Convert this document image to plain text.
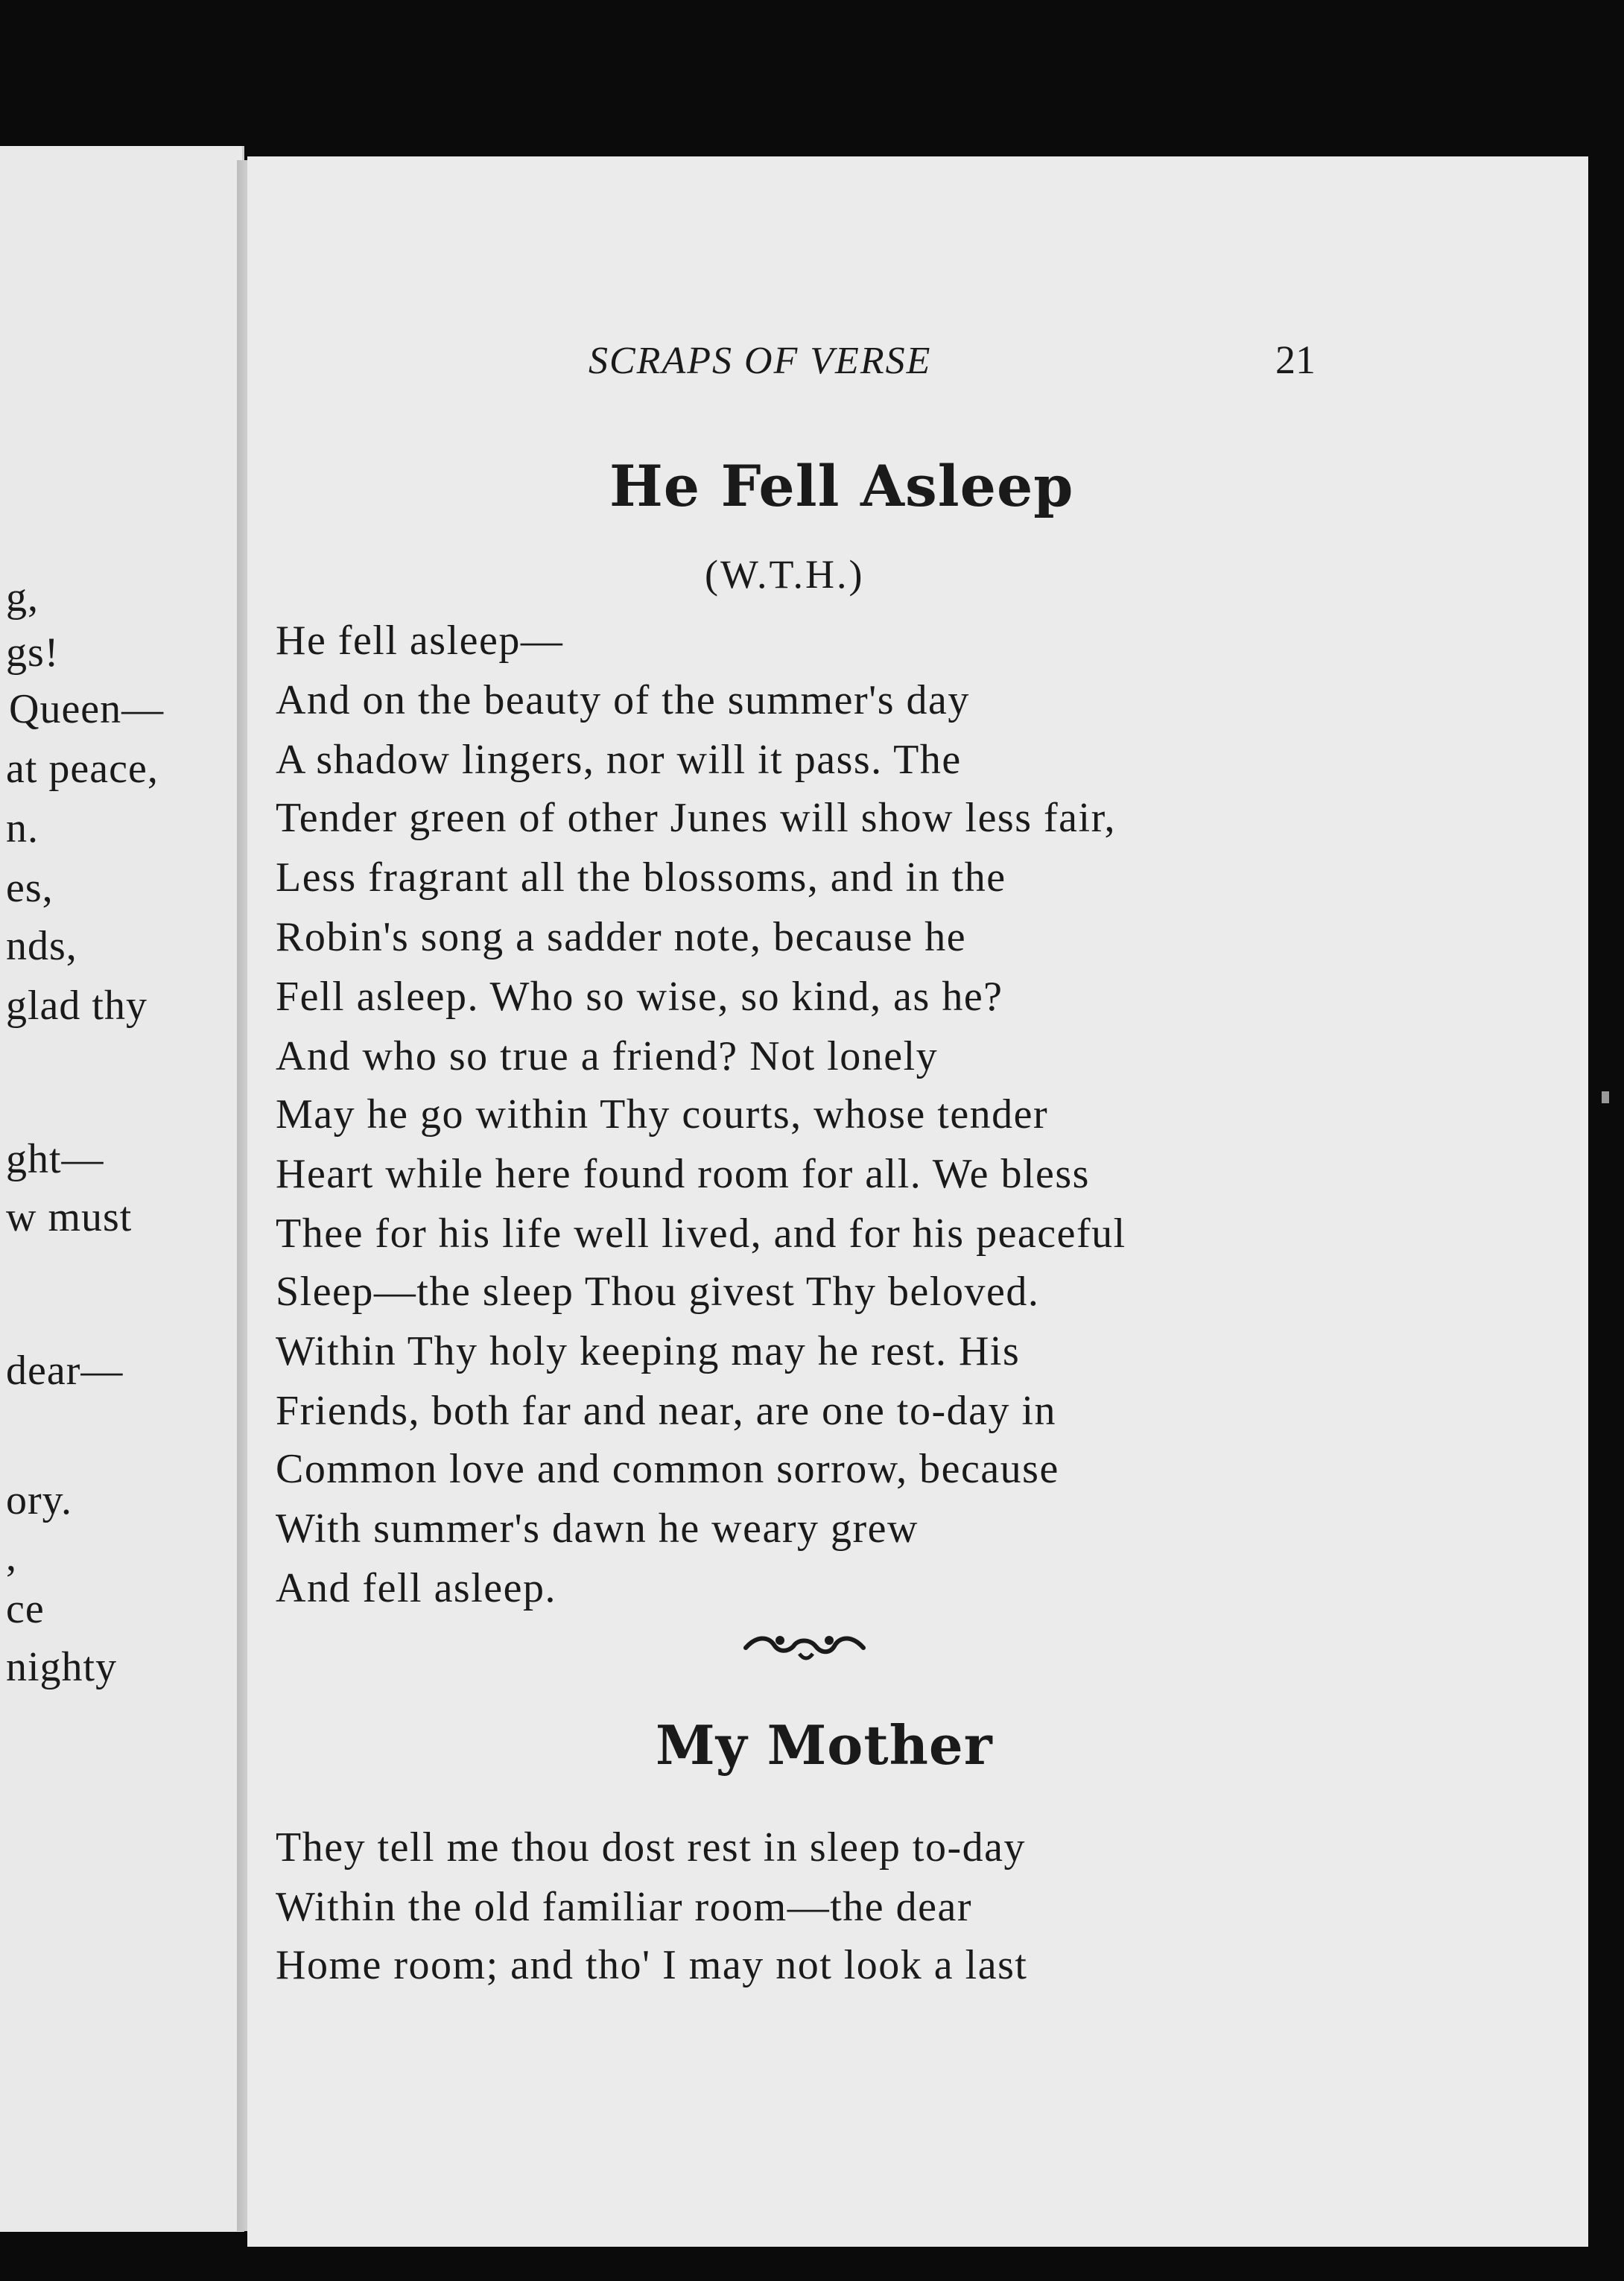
g,
gs!
Queen—
at peace,
n.
es,
nds,
glad thy
ght—
w must
dear—
ory.
,
ce
nighty
SCRAPS OF VERSE	21
He Fell Asleep
(W.T.H.)
He fell asleep—
And on the beauty of the summer's day
A shadow lingers, nor will it pass. The
Tender green of other Junes will show less fair,
Less fragrant all the blossoms, and in the
Robin's song a sadder note, because he
Fell asleep. Who so wise, so kind, as he?
And who so true a friend? Not lonely
May he go within Thy courts, whose tender
Heart while here found room for all. We bless
Thee for his life well lived, and for his peaceful
Sleep—the sleep Thou givest Thy beloved.
Within Thy holy keeping may he rest. His
Friends, both far and near, are one to-day in
Common love and common sorrow, because
With summer's dawn he weary grew
And fell asleep.
My Mother
They tell me thou dost rest in sleep to-day
Within the old familiar room—the dear
Home room; and tho' I may not look a last
